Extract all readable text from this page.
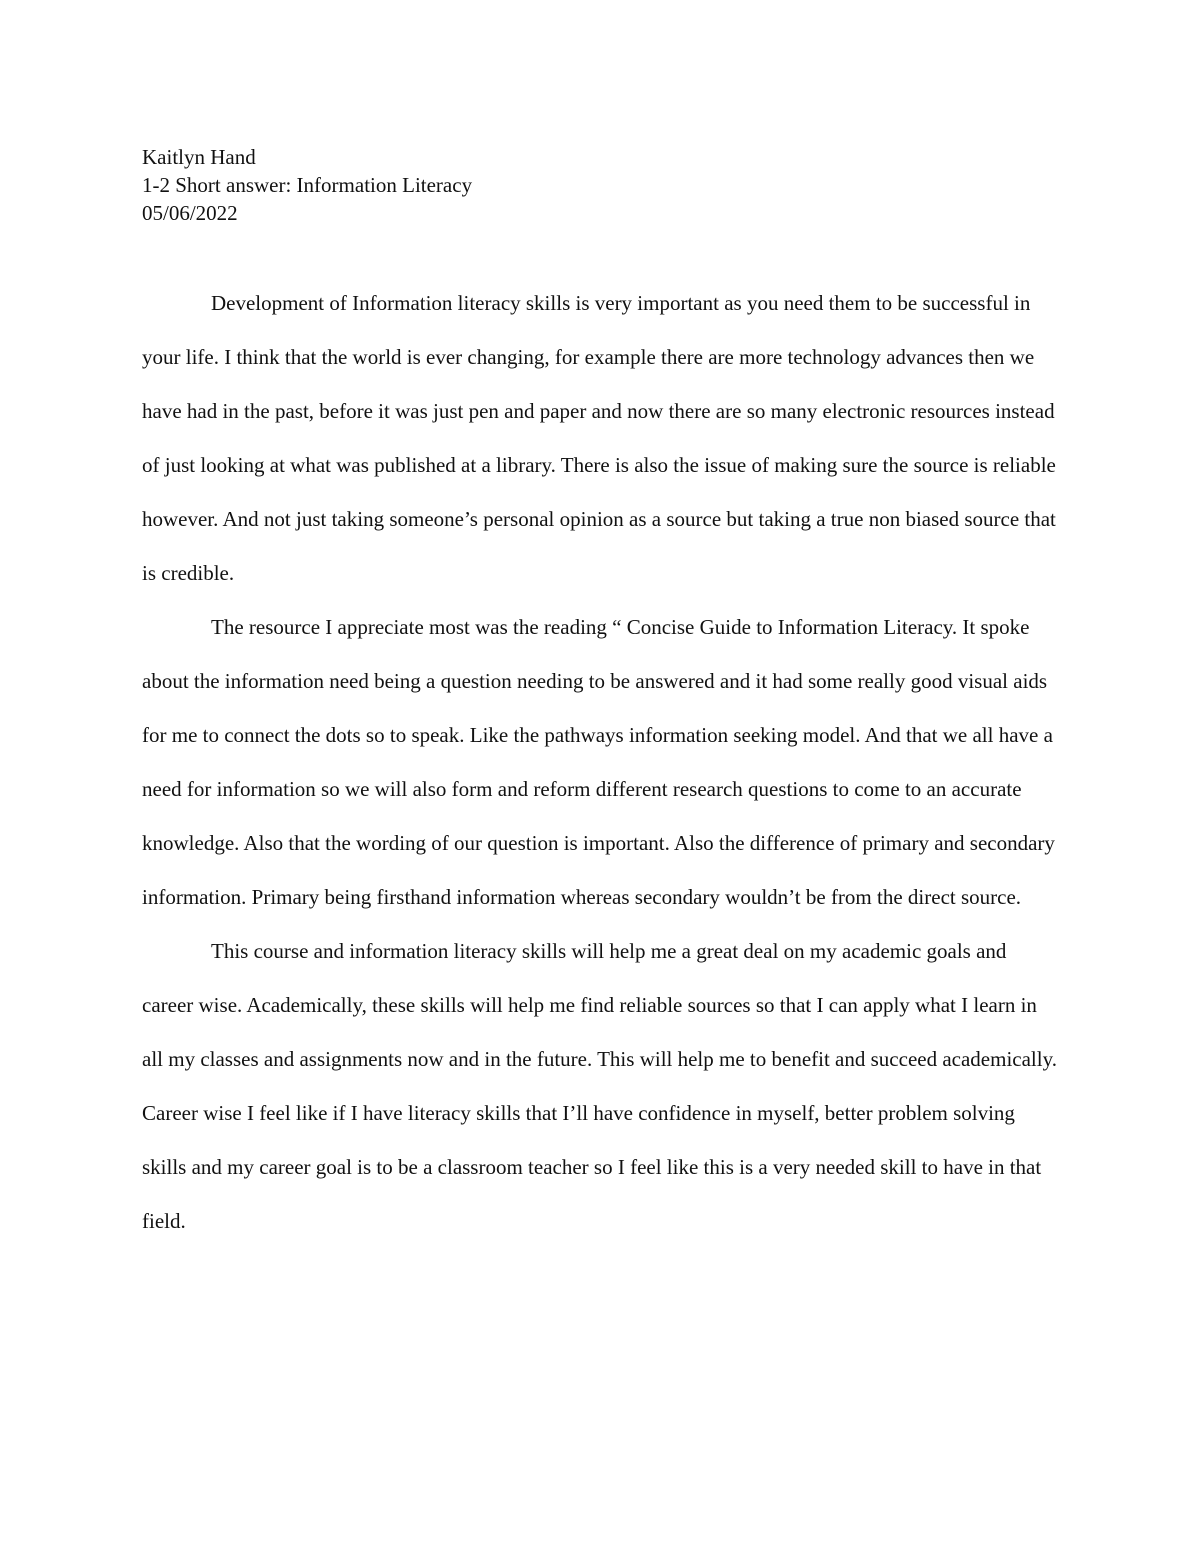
Kaitlyn Hand
1-2 Short answer: Information Literacy
05/06/2022

Development of Information literacy skills is very important as you need them to be successful in your life. I think that the world is ever changing, for example there are more technology advances then we have had in the past, before it was just pen and paper and now there are so many electronic resources instead of just looking at what was published at a library. There is also the issue of making sure the source is reliable however. And not just taking someone’s personal opinion as a source but taking a true non biased source that is credible.

The resource I appreciate most was the reading “ Concise Guide to Information Literacy. It spoke about the information need being a question needing to be answered and it had some really good visual aids for me to connect the dots so to speak. Like the pathways information seeking model. And that we all have a need for information so we will also form and reform different research questions to come to an accurate knowledge. Also that the wording of our question is important. Also the difference of primary and secondary information. Primary being firsthand information whereas secondary wouldn’t be from the direct source.

This course and information literacy skills will help me a great deal on my academic goals and career wise. Academically, these skills will help me find reliable sources so that I can apply what I learn in all my classes and assignments now and in the future. This will help me to benefit and succeed academically. Career wise I feel like if I have literacy skills that I’ll have confidence in myself, better problem solving skills and my career goal is to be a classroom teacher so I feel like this is a very needed skill to have in that field.
